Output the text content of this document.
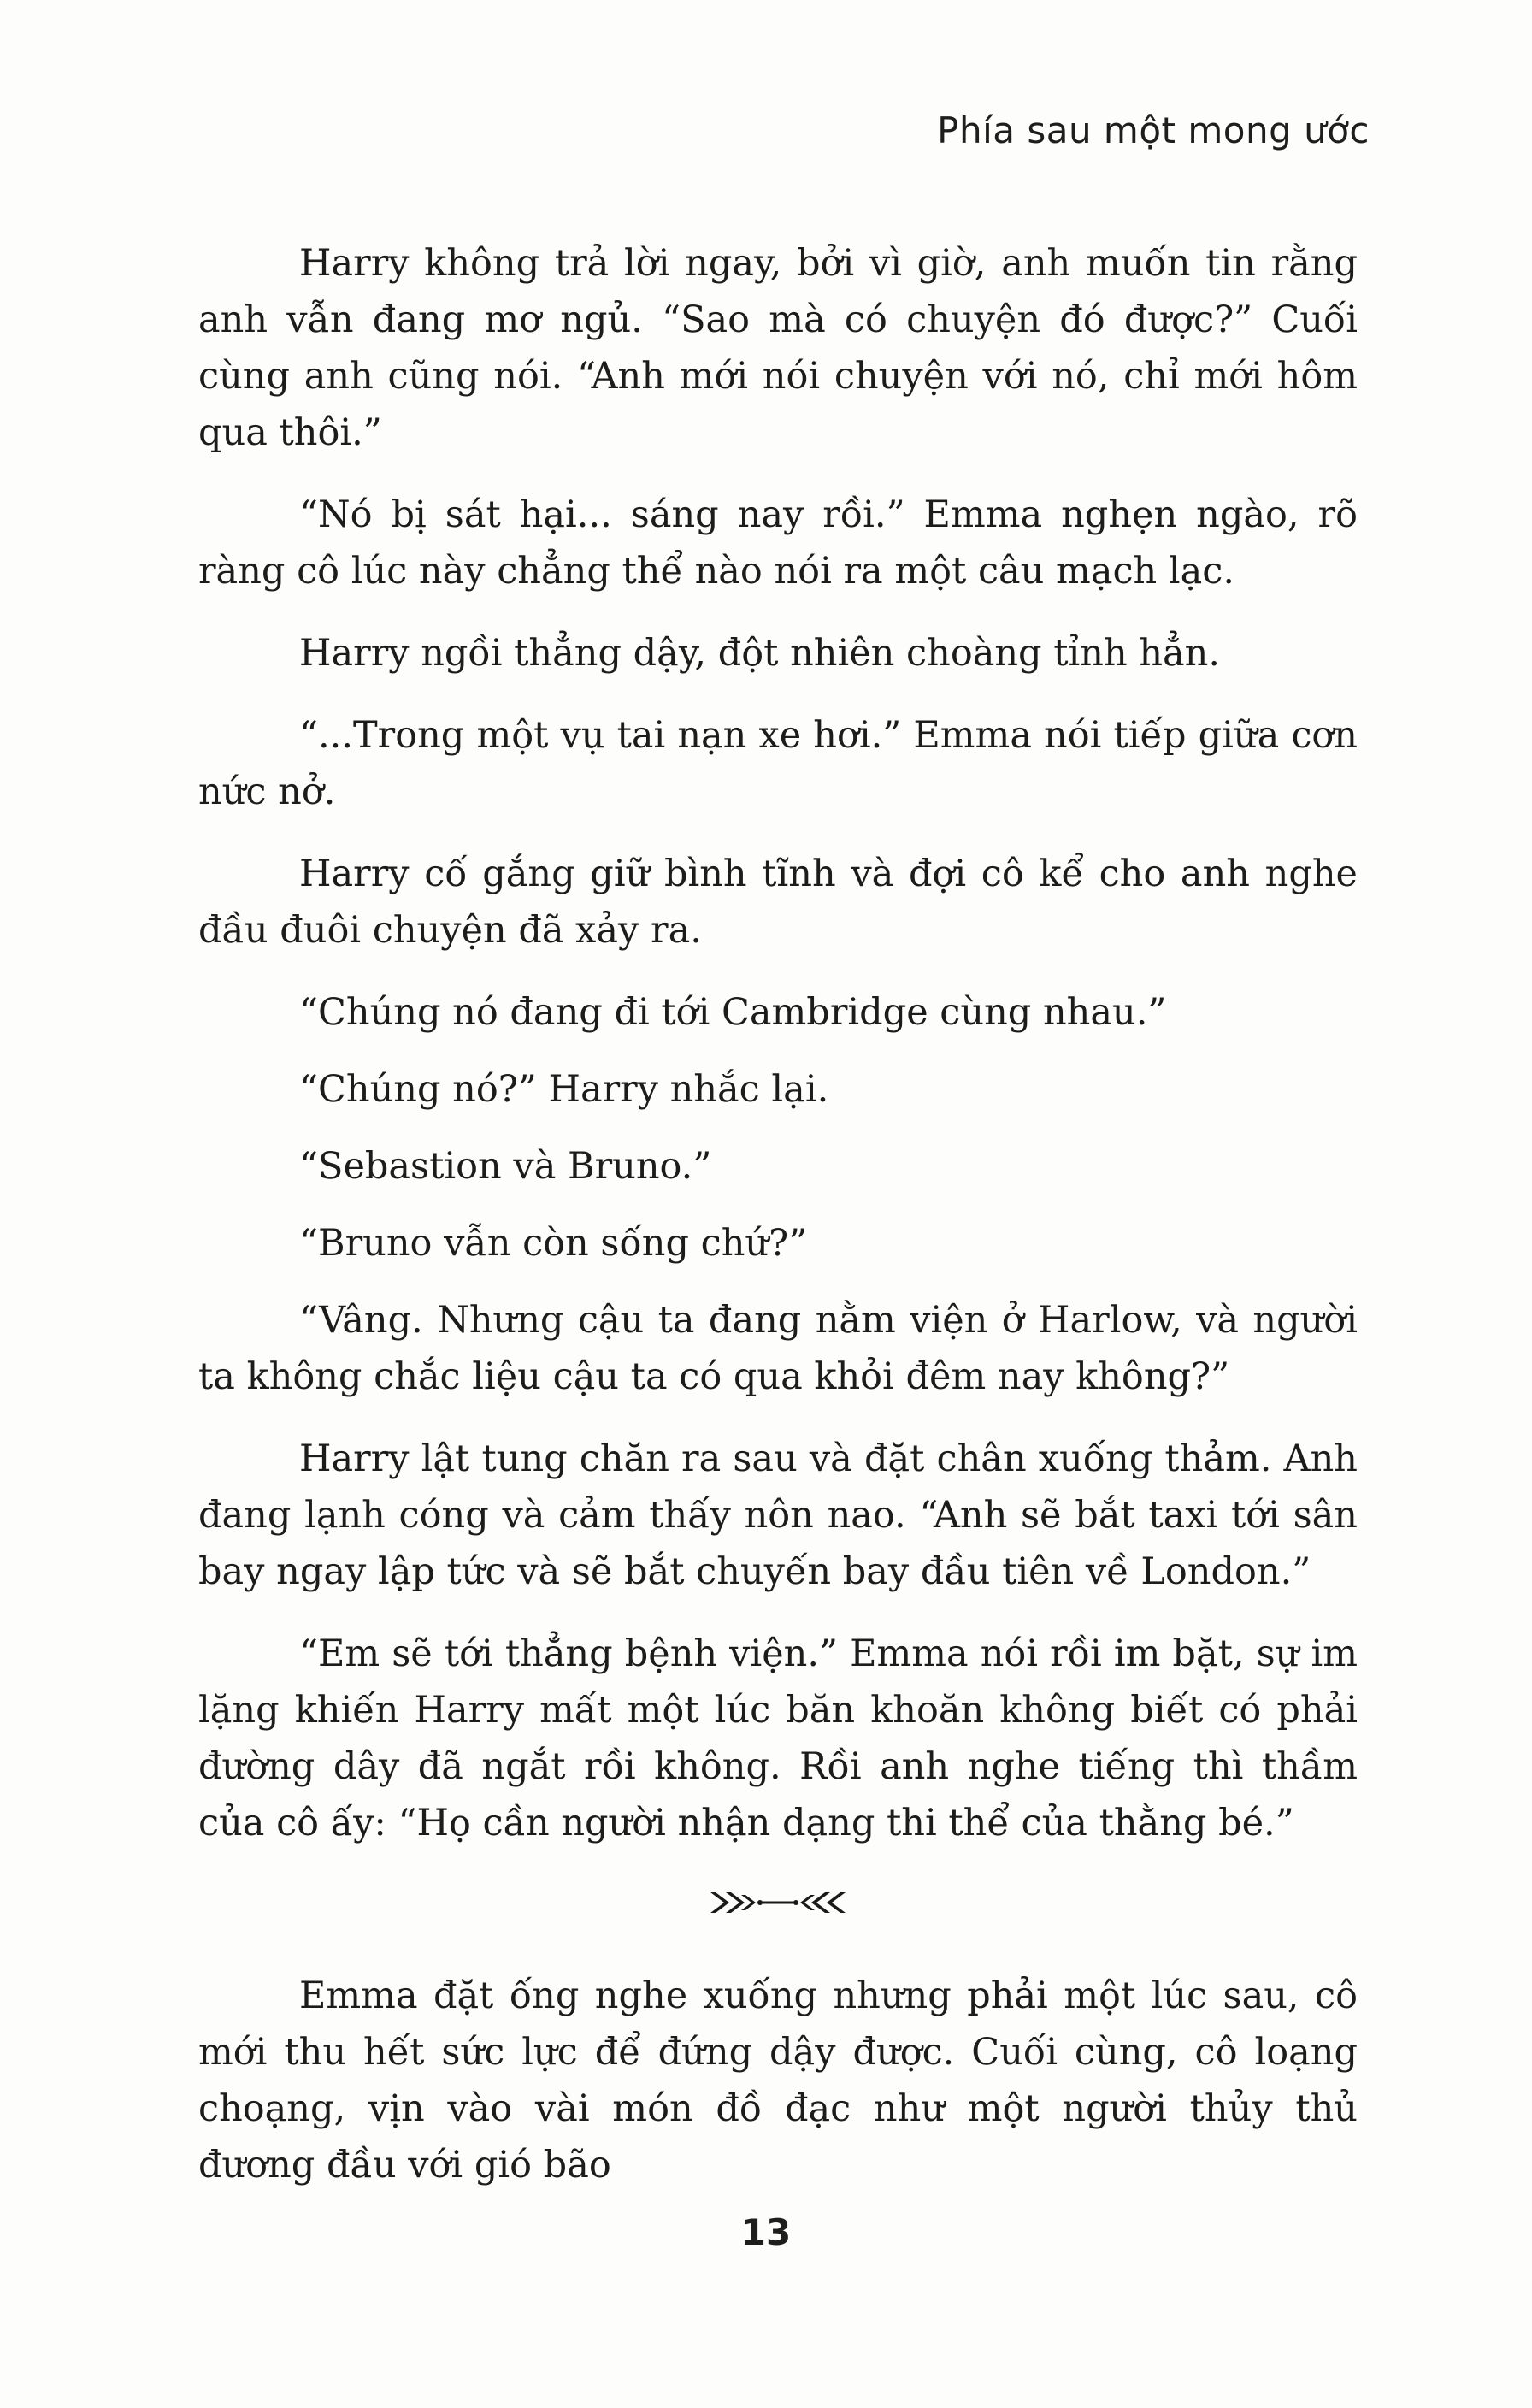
Phía sau một mong ước

Harry không trả lời ngay, bởi vì giờ, anh muốn tin rằng anh vẫn đang mơ ngủ. “Sao mà có chuyện đó được?” Cuối cùng anh cũng nói. “Anh mới nói chuyện với nó, chỉ mới hôm qua thôi.”

“Nó bị sát hại... sáng nay rồi.” Emma nghẹn ngào, rõ ràng cô lúc này chẳng thể nào nói ra một câu mạch lạc.

Harry ngồi thẳng dậy, đột nhiên choàng tỉnh hẳn.

“...Trong một vụ tai nạn xe hơi.” Emma nói tiếp giữa cơn nức nở.

Harry cố gắng giữ bình tĩnh và đợi cô kể cho anh nghe đầu đuôi chuyện đã xảy ra.

“Chúng nó đang đi tới Cambridge cùng nhau.”

“Chúng nó?” Harry nhắc lại.

“Sebastion và Bruno.”

“Bruno vẫn còn sống chứ?”

“Vâng. Nhưng cậu ta đang nằm viện ở Harlow, và người ta không chắc liệu cậu ta có qua khỏi đêm nay không?”

Harry lật tung chăn ra sau và đặt chân xuống thảm. Anh đang lạnh cóng và cảm thấy nôn nao. “Anh sẽ bắt taxi tới sân bay ngay lập tức và sẽ bắt chuyến bay đầu tiên về London.”

“Em sẽ tới thẳng bệnh viện.” Emma nói rồi im bặt, sự im lặng khiến Harry mất một lúc băn khoăn không biết có phải đường dây đã ngắt rồi không. Rồi anh nghe tiếng thì thầm của cô ấy: “Họ cần người nhận dạng thi thể của thằng bé.”

Emma đặt ống nghe xuống nhưng phải một lúc sau, cô mới thu hết sức lực để đứng dậy được. Cuối cùng, cô loạng choạng, vịn vào vài món đồ đạc như một người thủy thủ đương đầu với gió bão

13
